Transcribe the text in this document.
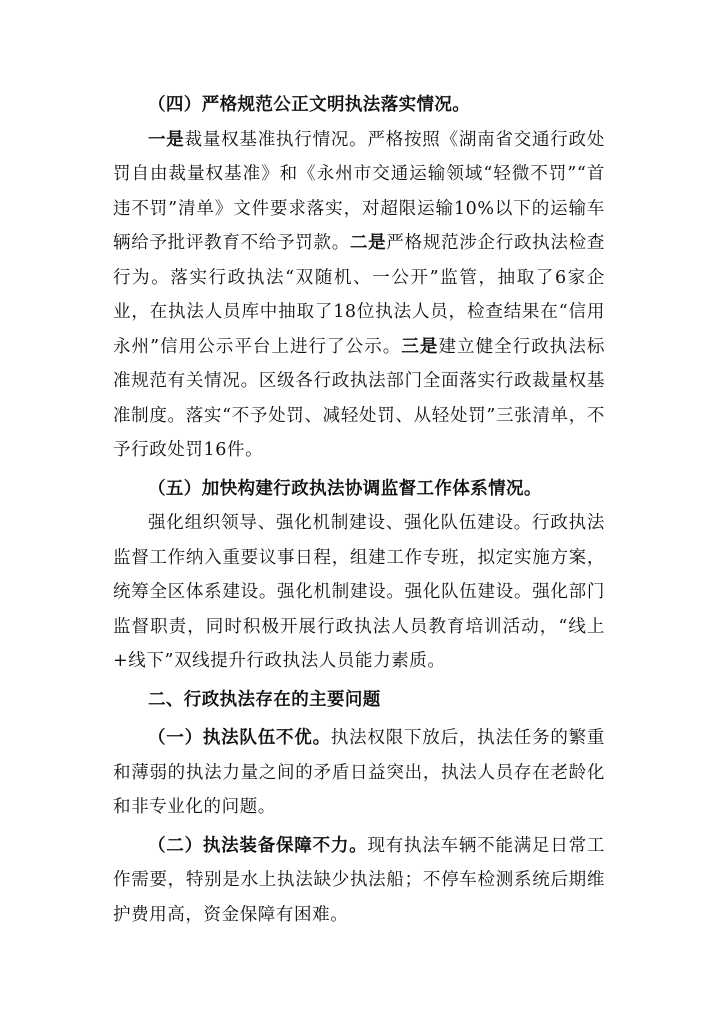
（四）严格规范公正文明执法落实情况。

一是裁量权基准执行情况。严格按照《湖南省交通行政处罚自由裁量权基准》和《永州市交通运输领域“轻微不罚”“首违不罚”清单》文件要求落实，对超限运输10%以下的运输车辆给予批评教育不给予罚款。二是严格规范涉企行政执法检查行为。落实行政执法“双随机、一公开”监管，抽取了6家企业，在执法人员库中抽取了18位执法人员，检查结果在“信用永州”信用公示平台上进行了公示。三是建立健全行政执法标准规范有关情况。区级各行政执法部门全面落实行政裁量权基准制度。落实“不予处罚、减轻处罚、从轻处罚”三张清单，不予行政处罚16件。

（五）加快构建行政执法协调监督工作体系情况。

强化组织领导、强化机制建设、强化队伍建设。行政执法监督工作纳入重要议事日程，组建工作专班，拟定实施方案，统筹全区体系建设。强化机制建设。强化队伍建设。强化部门监督职责，同时积极开展行政执法人员教育培训活动，“线上+线下”双线提升行政执法人员能力素质。

二、行政执法存在的主要问题

（一）执法队伍不优。执法权限下放后，执法任务的繁重和薄弱的执法力量之间的矛盾日益突出，执法人员存在老龄化和非专业化的问题。

（二）执法装备保障不力。现有执法车辆不能满足日常工作需要，特别是水上执法缺少执法船；不停车检测系统后期维护费用高，资金保障有困难。
